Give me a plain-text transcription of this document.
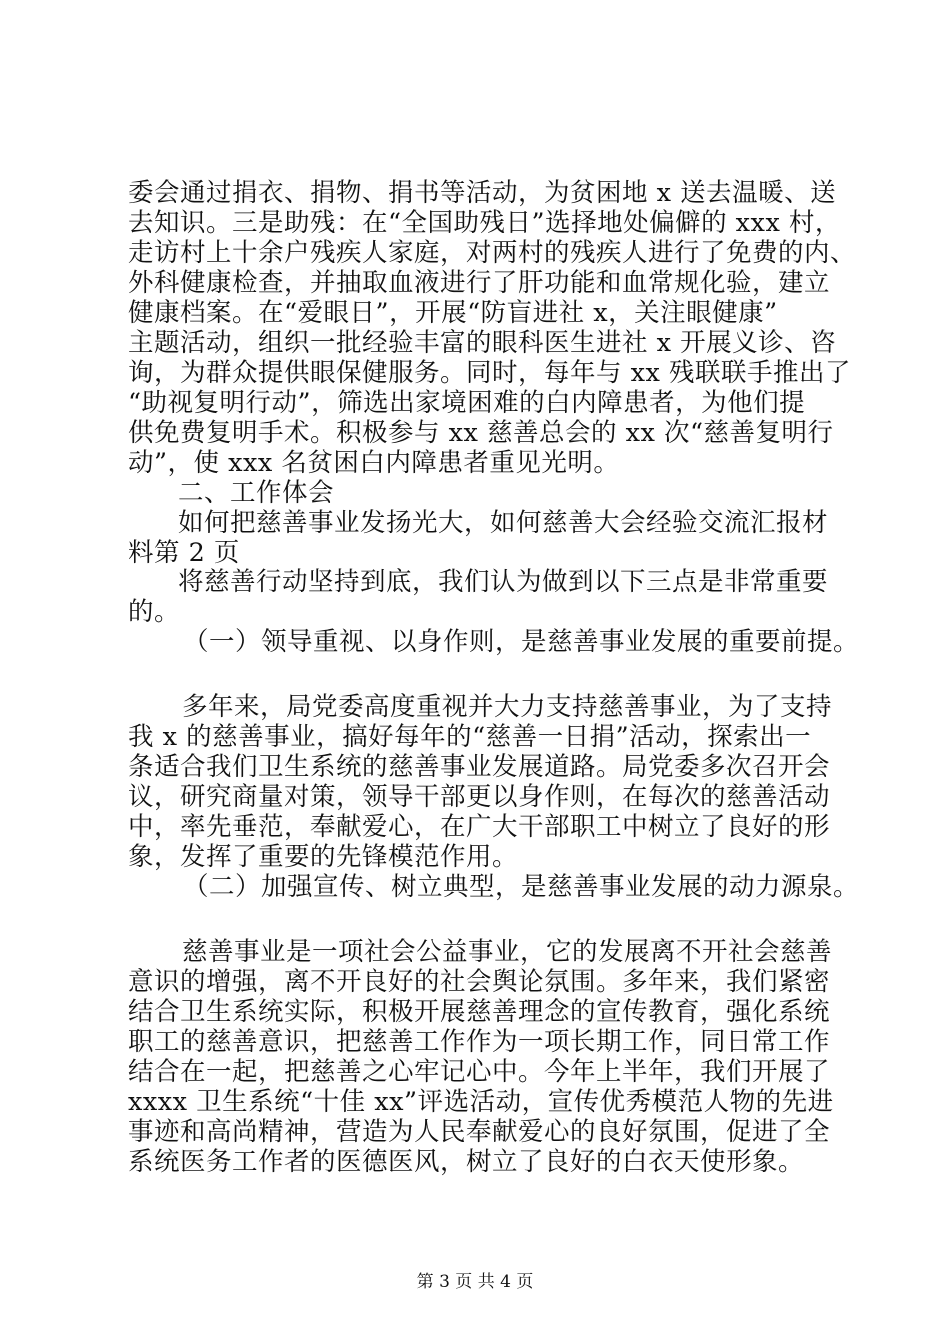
委会通过捐衣、捐物、捐书等活动，为贫困地 x 送去温暖、送
去知识。三是助残：在“全国助残日”选择地处偏僻的 xxx 村，
走访村上十余户残疾人家庭，对两村的残疾人进行了免费的内、
外科健康检查，并抽取血液进行了肝功能和血常规化验，建立
健康档案。在“爱眼日”，开展“防盲进社 x，关注眼健康”
主题活动，组织一批经验丰富的眼科医生进社 x 开展义诊、咨
询，为群众提供眼保健服务。同时，每年与 xx 残联联手推出了
“助视复明行动”，筛选出家境困难的白内障患者，为他们提
供免费复明手术。积极参与 xx 慈善总会的 xx 次“慈善复明行
动”，使 xxx 名贫困白内障患者重见光明。
二、工作体会
如何把慈善事业发扬光大，如何慈善大会经验交流汇报材
料第 2 页
将慈善行动坚持到底，我们认为做到以下三点是非常重要
的。
（一）领导重视、以身作则，是慈善事业发展的重要前提。
多年来，局党委高度重视并大力支持慈善事业，为了支持
我 x 的慈善事业，搞好每年的“慈善一日捐”活动，探索出一
条适合我们卫生系统的慈善事业发展道路。局党委多次召开会
议，研究商量对策，领导干部更以身作则，在每次的慈善活动
中，率先垂范，奉献爱心，在广大干部职工中树立了良好的形
象，发挥了重要的先锋模范作用。
（二）加强宣传、树立典型，是慈善事业发展的动力源泉。
慈善事业是一项社会公益事业，它的发展离不开社会慈善
意识的增强，离不开良好的社会舆论氛围。多年来，我们紧密
结合卫生系统实际，积极开展慈善理念的宣传教育，强化系统
职工的慈善意识，把慈善工作作为一项长期工作，同日常工作
结合在一起，把慈善之心牢记心中。今年上半年，我们开展了
xxxx 卫生系统“十佳 xx”评选活动，宣传优秀模范人物的先进
事迹和高尚精神，营造为人民奉献爱心的良好氛围，促进了全
系统医务工作者的医德医风，树立了良好的白衣天使形象。
第 3 页 共 4 页
